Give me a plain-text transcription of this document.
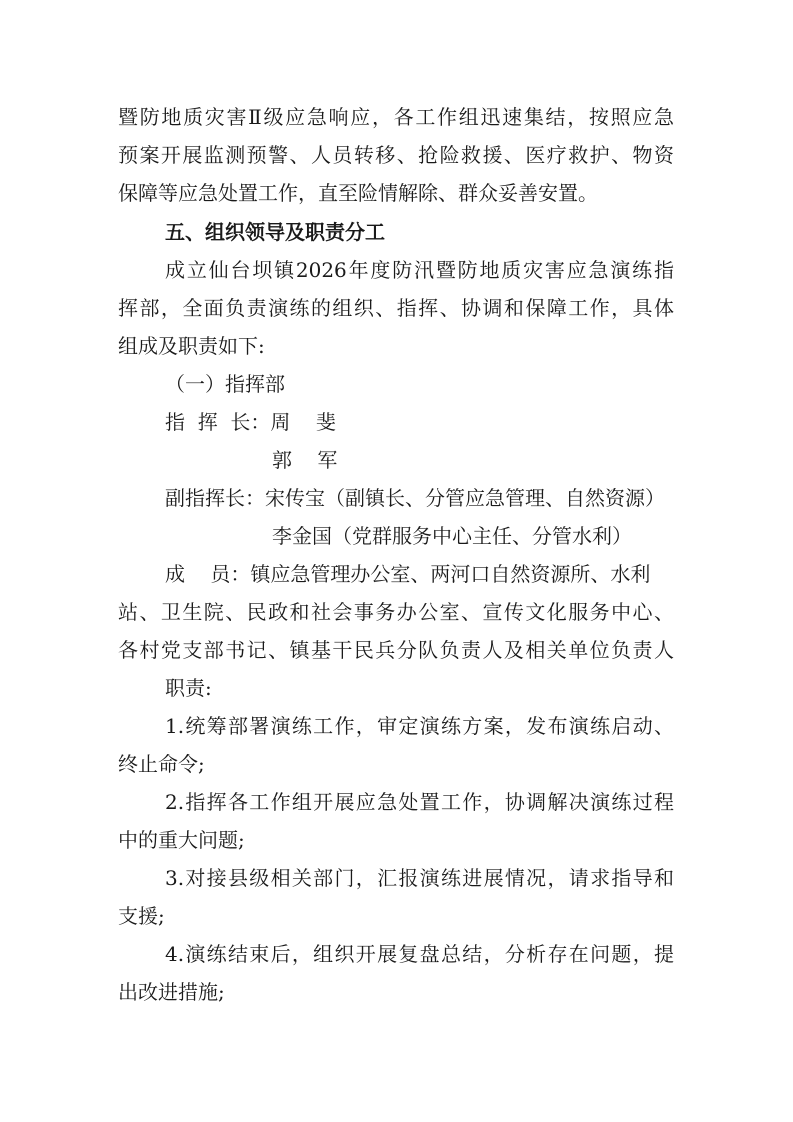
暨防地质灾害Ⅱ级应急响应，各工作组迅速集结，按照应急
预案开展监测预警、人员转移、抢险救援、医疗救护、物资
保障等应急处置工作，直至险情解除、群众妥善安置。
五、组织领导及职责分工
成立仙台坝镇2026年度防汛暨防地质灾害应急演练指
挥部，全面负责演练的组织、指挥、协调和保障工作，具体
组成及职责如下:
（一）指挥部
指  挥  长：周    斐
郭    军
副指挥长：宋传宝（副镇长、分管应急管理、自然资源）
李金国（党群服务中心主任、分管水利）
成    员：镇应急管理办公室、两河口自然资源所、水利
站、卫生院、民政和社会事务办公室、宣传文化服务中心、
各村党支部书记、镇基干民兵分队负责人及相关单位负责人
职责:
1.统筹部署演练工作，审定演练方案，发布演练启动、
终止命令;
2.指挥各工作组开展应急处置工作，协调解决演练过程
中的重大问题;
3.对接县级相关部门，汇报演练进展情况，请求指导和
支援;
4.演练结束后，组织开展复盘总结，分析存在问题，提
出改进措施;
